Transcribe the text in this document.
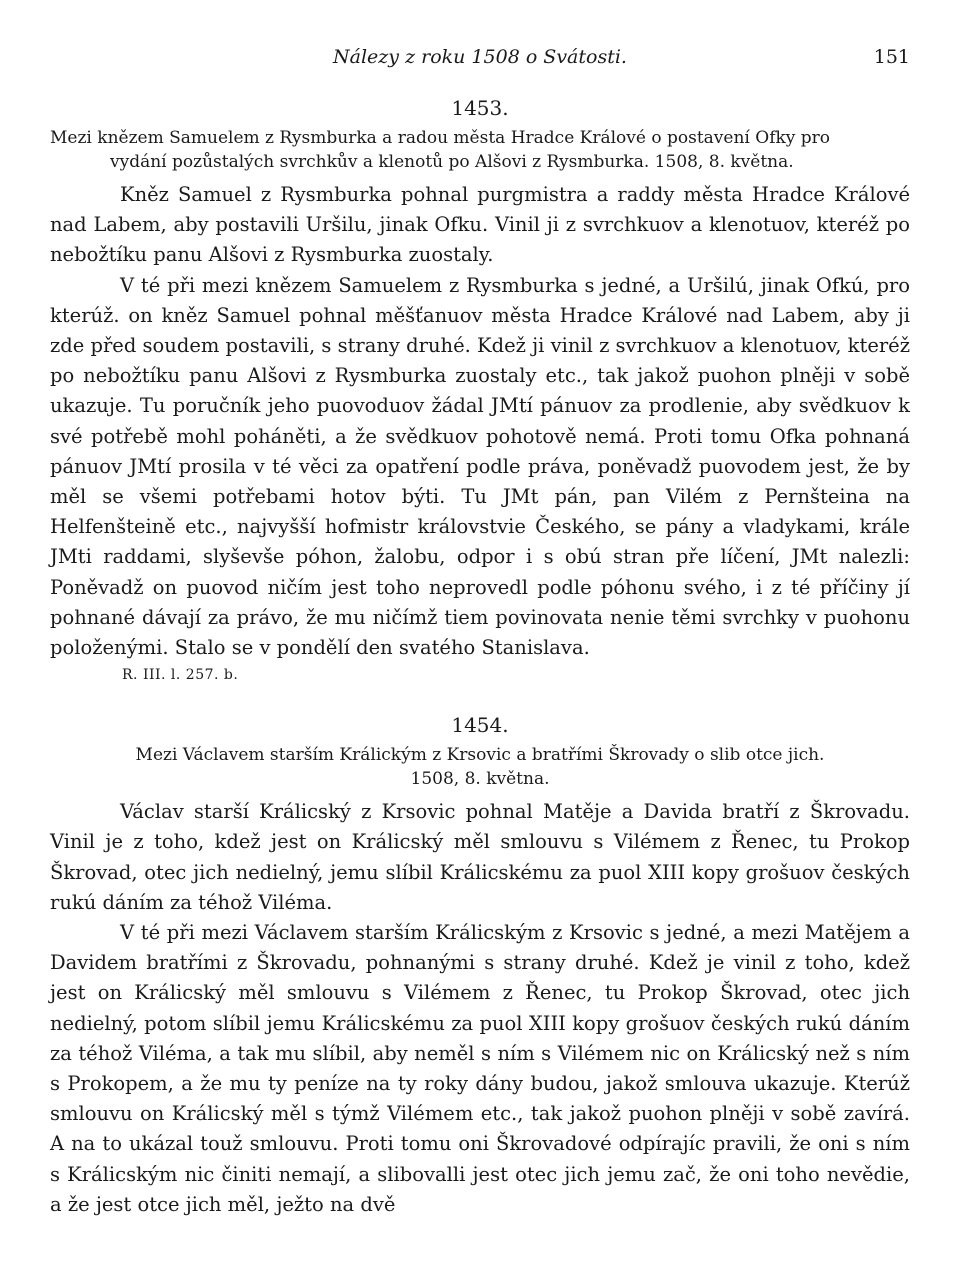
Nálezy z roku 1508 o Svátosti.	151
1453.
Mezi knězem Samuelem z Rysmburka a radou města Hradce Králové o postavení Ofky pro
vydání pozůstalých svrchkův a klenotů po Alšovi z Rysmburka. 1508, 8. května.

Kněz Samuel z Rysmburka pohnal purgmistra a raddy města Hradce Králové nad Labem, aby postavili Uršilu, jinak Ofku. Vinil ji z svrchkuov a klenotuov, kteréž po nebožtíku panu Alšovi z Rysmburka zuostaly.

V té při mezi knězem Samuelem z Rysmburka s jedné, a Uršilú, jinak Ofkú, pro kterúž. on kněz Samuel pohnal měšťanuov města Hradce Králové nad Labem, aby ji zde před soudem postavili, s strany druhé. Kdež ji vinil z svrchkuov a klenotuov, kteréž po nebožtíku panu Alšovi z Rysmburka zuostaly etc., tak jakož puohon plněji v sobě ukazuje. Tu poručník jeho puovoduov žádal JMtí pánuov za prodlenie, aby svědkuov k své potřebě mohl poháněti, a že svědkuov pohotově nemá. Proti tomu Ofka pohnaná pánuov JMtí prosila v té věci za opatření podle práva, poněvadž puovodem jest, že by měl se všemi potřebami hotov býti. Tu JMt pán, pan Vilém z Pernšteina na Helfenšteině etc., najvyšší hofmistr královstvie Českého, se pány a vladykami, krále JMti raddami, slyševše póhon, žalobu, odpor i s obú stran pře líčení, JMt nalezli: Poněvadž on puovod ničím jest toho neprovedl podle póhonu svého, i z té příčiny jí pohnané dávají za právo, že mu ničímž tiem povinovata nenie těmi svrchky v puohonu položenými. Stalo se v pondělí den svatého Stanislava.

R. III. l. 257. b.
1454.
Mezi Václavem starším Králickým z Krsovic a bratřími Škrovady o slib otce jich.
1508, 8. května.

Václav starší Králicský z Krsovic pohnal Matěje a Davida bratří z Škrovadu. Vinil je z toho, kdež jest on Králicský měl smlouvu s Vilémem z Řenec, tu Prokop Škrovad, otec jich nedielný, jemu slíbil Králicskému za puol XIII kopy grošuov českých rukú dáním za téhož Viléma.

V té při mezi Václavem starším Králicským z Krsovic s jedné, a mezi Matějem a Davidem bratřími z Škrovadu, pohnanými s strany druhé. Kdež je vinil z toho, kdež jest on Králicský měl smlouvu s Vilémem z Řenec, tu Prokop Škrovad, otec jich nedielný, potom slíbil jemu Králicskému za puol XIII kopy grošuov českých rukú dáním za téhož Viléma, a tak mu slíbil, aby neměl s ním s Vilémem nic on Králicský než s ním s Prokopem, a že mu ty peníze na ty roky dány budou, jakož smlouva ukazuje. Kterúž smlouvu on Králicský měl s týmž Vilémem etc., tak jakož puohon plněji v sobě zavírá. A na to ukázal touž smlouvu. Proti tomu oni Škrovadové odpírajíc pravili, že oni s ním s Králicským nic činiti nemají, a slibovalli jest otec jich jemu zač, že oni toho nevědie, a že jest otce jich měl, ježto na dvě
